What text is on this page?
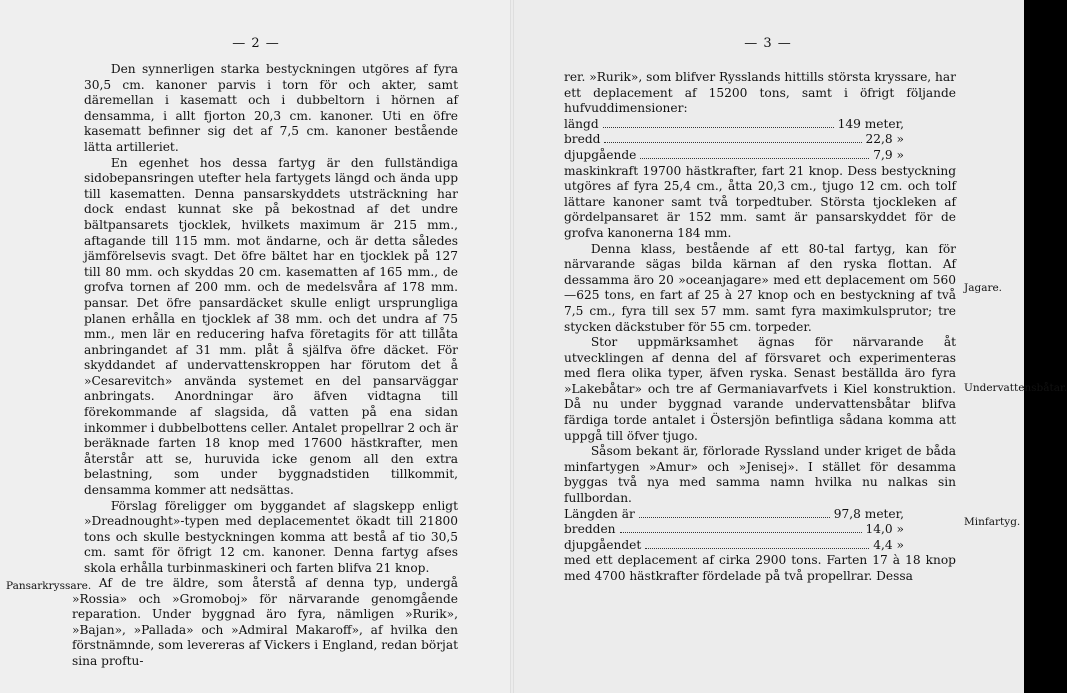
— 2 —

Den synnerligen starka bestyckningen utgöres af fyra 30,5 cm. kanoner parvis i torn för och akter, samt däremellan i kasematt och i dubbeltorn i hörnen af densamma, i allt fjorton 20,3 cm. kanoner. Uti en öfre kasematt befinner sig det af 7,5 cm. kanoner bestående lätta artilleriet.

En egenhet hos dessa fartyg är den fullständiga sidobepansringen utefter hela fartygets längd och ända upp till kasematten. Denna pansarskyddets utsträckning har dock endast kunnat ske på bekostnad af det undre bältpansarets tjocklek, hvilkets maximum är 215 mm., aftagande till 115 mm. mot ändarne, och är detta således jämförelsevis svagt. Det öfre bältet har en tjocklek på 127 till 80 mm. och skyddas 20 cm. kasematten af 165 mm., de grofva tornen af 200 mm. och de medelsvåra af 178 mm. pansar. Det öfre pansardäcket skulle enligt ursprungliga planen erhålla en tjocklek af 38 mm. och det undra af 75 mm., men lär en reducering hafva företagits för att tillåta anbringandet af 31 mm. plåt å själfva öfre däcket. För skyddandet af undervattenskroppen har förutom det å »Cesarevitch» använda systemet en del pansarväggar anbringats. Anordningar äro äfven vidtagna till förekommande af slagsida, då vatten på ena sidan inkommer i dubbelbottens celler. Antalet propellrar 2 och är beräknade farten 18 knop med 17600 hästkrafter, men återstår att se, huruvida icke genom all den extra belastning, som under byggnadstiden tillkommit, densamma kommer att nedsättas.

Förslag föreligger om byggandet af slagskepp enligt »Dreadnought»-typen med deplacementet ökadt till 21800 tons och skulle bestyckningen komma att bestå af tio 30,5 cm. samt för öfrigt 12 cm. kanoner. Denna fartyg afses skola erhålla turbinmaskineri och farten blifva 21 knop.

Pansarkryssare. Af de tre äldre, som återstå af denna typ, undergå »Rossia» och »Gromoboj» för närvarande genomgående reparation. Under byggnad äro fyra, nämligen »Rurik», »Bajan», »Pallada» och »Admiral Makaroff», af hvilka den förstnämnde, som levereras af Vickers i England, redan börjat sina proftu-

— 3 —

rer. »Rurik», som blifver Rysslands hittills största kryssare, har ett deplacement af 15200 tons, samt i öfrigt följande hufvuddimensioner:

längd	149 meter,
bredd	22,8 »
djupgående	7,9 »

maskinkraft 19700 hästkrafter, fart 21 knop. Dess bestyckning utgöres af fyra 25,4 cm., åtta 20,3 cm., tjugo 12 cm. och tolf lättare kanoner samt två torpedtuber. Största tjockleken af gördelpansaret är 152 mm. samt är pansarskyddet för de grofva kanonerna 184 mm.

Denna klass, bestående af ett 80-tal fartyg, kan för närvarande sägas bilda kärnan af den ryska flottan. Af dessamma äro 20 »oceanjagare» med ett deplacement om 560—625 tons, en fart af 25 à 27 knop och en bestyckning af två 7,5 cm., fyra till sex 57 mm. samt fyra maximkulsprutor; tre stycken däckstuber för 55 cm. torpeder.

Stor uppmärksamhet ägnas för närvarande åt utvecklingen af denna del af försvaret och experimenteras med flera olika typer, äfven ryska. Senast beställda äro fyra »Lakebåtar» och tre af Germaniavarfvets i Kiel konstruktion. Då nu under byggnad varande undervattensbåtar blifva färdiga torde antalet i Östersjön befintliga sådana komma att uppgå till öfver tjugo.

Såsom bekant är, förlorade Ryssland under kriget de båda minfartygen »Amur» och »Jenisej». I stället för desamma byggas två nya med samma namn hvilka nu nalkas sin fullbordan.

Längden är	97,8 meter,
bredden	14,0 »
djupgåendet	4,4 »

med ett deplacement af cirka 2900 tons. Farten 17 à 18 knop med 4700 hästkrafter fördelade på två propellrar. Dessa

Jagare.

Undervattensbåtar.

Minfartyg.
